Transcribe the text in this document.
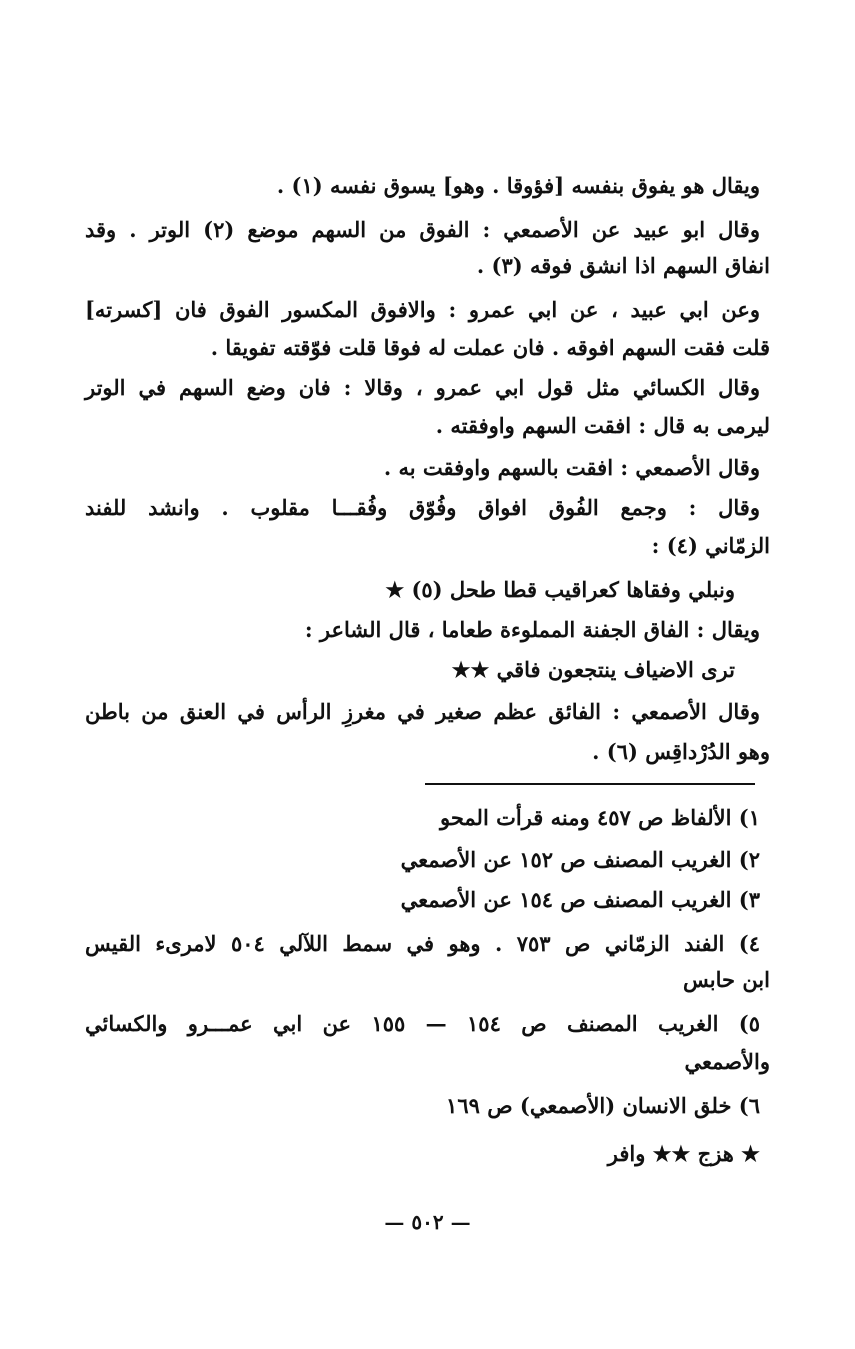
ويقال هو يفوق بنفسه [فؤوقا . وهو] يسوق نفسه (١) .
وقال ابو عبيد عن الأصمعي : الفوق من السهم موضع (٢) الوتر . وقد
انفاق السهم اذا انشق فوقه (٣) .
وعن ابي عبيد ، عن ابي عمرو : والافوق المكسور الفوق فان [كسرته]
قلت فقت السهم افوقه . فان عملت له فوقا قلت فوّقته تفويقا .
وقال الكسائي مثل قول ابي عمرو ، وقالا : فان وضع السهم في الوتر
ليرمى به قال : افقت السهم واوفقته .
وقال الأصمعي : افقت بالسهم واوفقت به .
وقال : وجمع الفُوق افواق وفُوّق وفُقـــا مقلوب . وانشد للفند
الزمّاني (٤) :
ونبلي وفقاها كعراقيب قطا طحل (٥) ★
ويقال : الفاق الجفنة المملوءة طعاما ، قال الشاعر :
ترى الاضياف ينتجعون فاقي ★★
وقال الأصمعي : الفائق عظم صغير في مغرزِ الرأس في العنق من باطن
وهو الدُرْداقِس (٦) .
١) الألفاظ ص ٤٥٧ ومنه قرأت المحو
٢) الغريب المصنف ص ١٥٢ عن الأصمعي
٣) الغريب المصنف ص ١٥٤ عن الأصمعي
٤) الفند الزمّاني ص ٧٥٣ . وهو في سمط اللآلي ٥٠٤ لامرىء القيس
ابن حابس
٥) الغريب المصنف ص ١٥٤ — ١٥٥ عن ابي عمـــرو والكسائي
والأصمعي
٦) خلق الانسان (الأصمعي) ص ١٦٩
★ هزج ★★ وافر
— ٥٠٢ —
